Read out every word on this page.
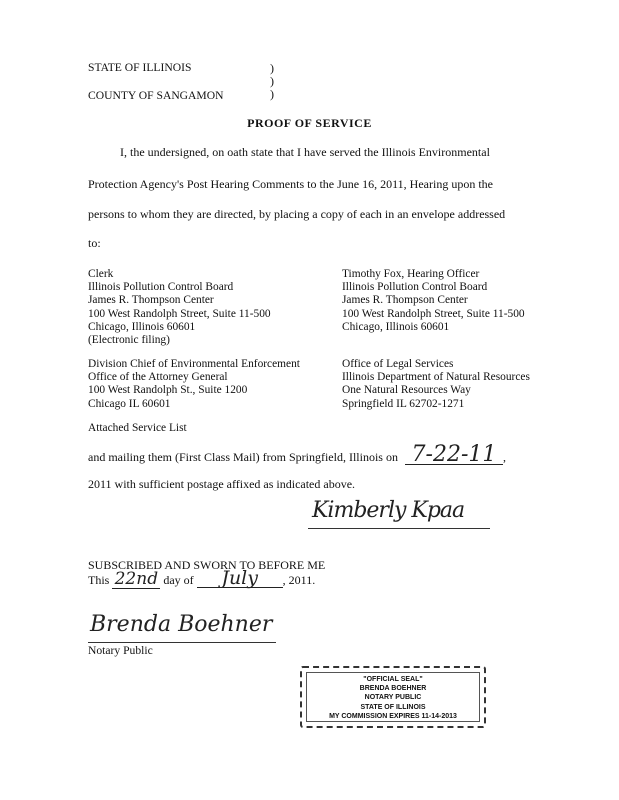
STATE OF ILLINOIS
COUNTY OF SANGAMON
)
)
)
PROOF OF SERVICE
I, the undersigned, on oath state that I have served the Illinois Environmental
Protection Agency's Post Hearing Comments to the June 16, 2011, Hearing upon the
persons to whom they are directed, by placing a copy of each in an envelope addressed
to:
Clerk
Illinois Pollution Control Board
James R. Thompson Center
100 West Randolph Street, Suite 11-500
Chicago, Illinois 60601
(Electronic filing)
Timothy Fox, Hearing Officer
Illinois Pollution Control Board
James R. Thompson Center
100 West Randolph Street, Suite 11-500
Chicago, Illinois 60601
Division Chief of Environmental Enforcement
Office of the Attorney General
100 West Randolph St., Suite 1200
Chicago IL 60601
Office of Legal Services
Illinois Department of Natural Resources
One Natural Resources Way
Springfield IL 62702-1271
Attached Service List
and mailing them (First Class Mail) from Springfield, Illinois on 7-22-11 ,
2011 with sufficient postage affixed as indicated above.
Kimberly Kpaa
SUBSCRIBED AND SWORN TO BEFORE ME
This 22nd day of July , 2011.
Brenda Boehner
Notary Public
"OFFICIAL SEAL"
BRENDA BOEHNER
NOTARY PUBLIC
STATE OF ILLINOIS
MY COMMISSION EXPIRES 11-14-2013
